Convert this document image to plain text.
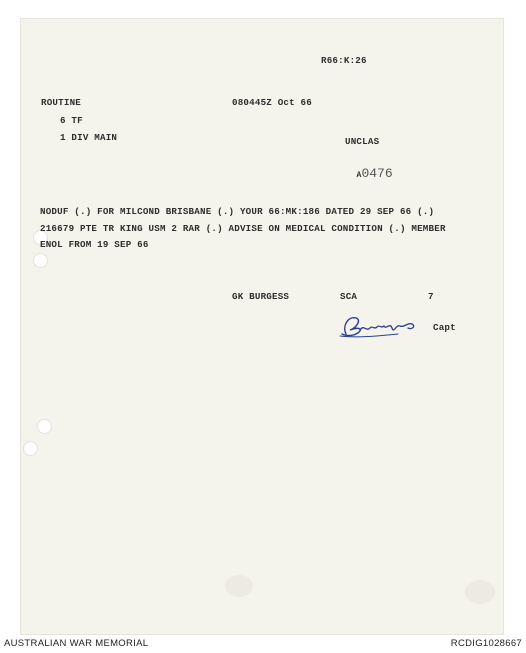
R66:K:26

ROUTINE	080445Z Oct 66

6 TF

1 DIV MAIN	UNCLAS

A0476

NODUF (.) FOR MILCOND BRISBANE (.) YOUR 66:MK:186 DATED 29 SEP 66 (.)

216679 PTE TR KING USM 2 RAR (.) ADVISE ON MEDICAL CONDITION (.) MEMBER

ENOL FROM 19 SEP 66

GK BURGESS	SCA	7

Capt

AUSTRALIAN WAR MEMORIAL	RCDIG1028667
